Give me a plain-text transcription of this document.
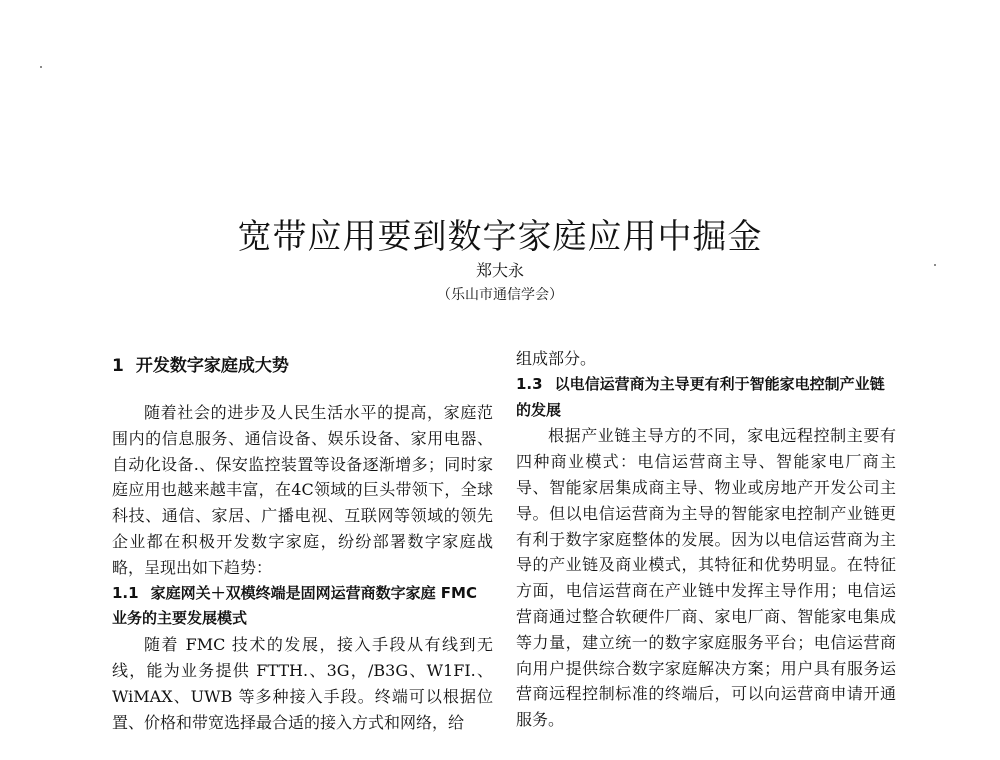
宽带应用要到数字家庭应用中掘金
郑大永
（乐山市通信学会）
1 开发数字家庭成大势

随着社会的进步及人民生活水平的提高，家庭范围内的信息服务、通信设备、娱乐设备、家用电器、自动化设备.、保安监控装置等设备逐渐增多；同时家庭应用也越来越丰富，在4C领域的巨头带领下，全球科技、通信、家居、广播电视、互联网等领域的领先企业都在积极开发数字家庭，纷纷部署数字家庭战略，呈现出如下趋势：

1.1 家庭网关＋双模终端是固网运营商数字家庭 FMC 业务的主要发展模式

随着 FMC 技术的发展，接入手段从有线到无线，能为业务提供 FTTH.、3G，/B3G、W1FI.、WiMAX、UWB 等多种接入手段。终端可以根据位置、价格和带宽选择最合适的接入方式和网络，给

组成部分。

1.3 以电信运营商为主导更有利于智能家电控制产业链的发展

根据产业链主导方的不同，家电远程控制主要有四种商业模式：电信运营商主导、智能家电厂商主导、智能家居集成商主导、物业或房地产开发公司主导。但以电信运营商为主导的智能家电控制产业链更有利于数字家庭整体的发展。因为以电信运营商为主导的产业链及商业模式，其特征和优势明显。在特征方面，电信运营商在产业链中发挥主导作用；电信运营商通过整合软硬件厂商、家电厂商、智能家电集成等力量，建立统一的数字家庭服务平台；电信运营商向用户提供综合数字家庭解决方案；用户具有服务运营商远程控制标准的终端后，可以向运营商申请开通服务。
